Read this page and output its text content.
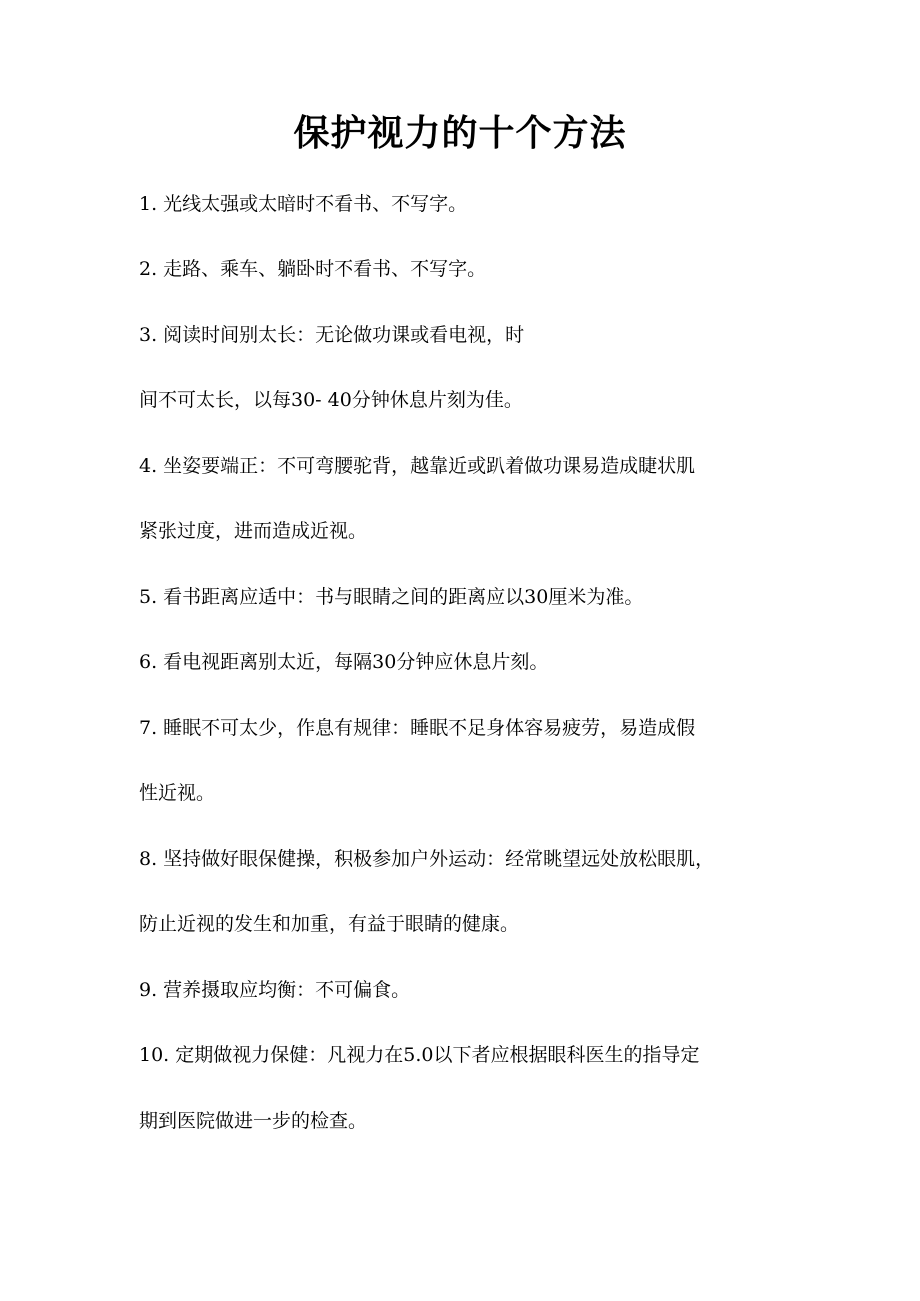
保护视力的十个方法
1. 光线太强或太暗时不看书、不写字。
2. 走路、乘车、躺卧时不看书、不写字。
3. 阅读时间别太长：无论做功课或看电视，时
间不可太长，以每30- 40分钟休息片刻为佳。
4. 坐姿要端正：不可弯腰驼背，越靠近或趴着做功课易造成睫状肌
紧张过度，进而造成近视。
5. 看书距离应适中：书与眼睛之间的距离应以30厘米为准。
6. 看电视距离别太近，每隔30分钟应休息片刻。
7. 睡眠不可太少，作息有规律：睡眠不足身体容易疲劳，易造成假
性近视。
8. 坚持做好眼保健操，积极参加户外运动：经常眺望远处放松眼肌，
防止近视的发生和加重，有益于眼睛的健康。
9. 营养摄取应均衡：不可偏食。
10. 定期做视力保健：凡视力在5.0以下者应根据眼科医生的指导定
期到医院做进一步的检查。
